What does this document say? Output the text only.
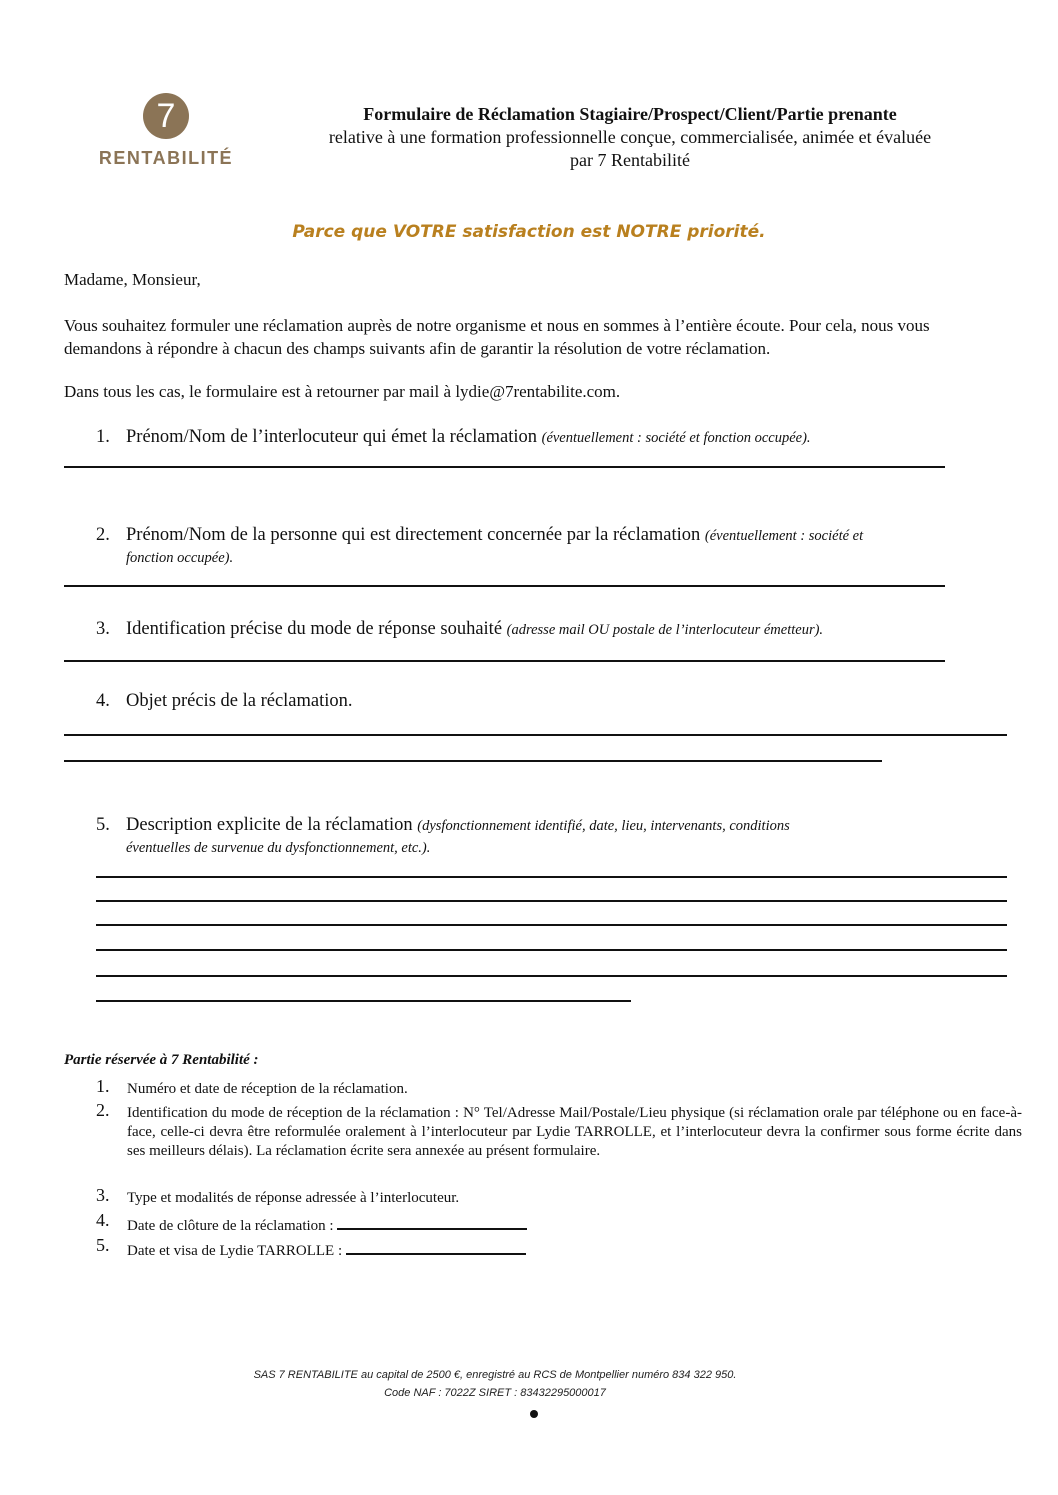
7
RENTABILITÉ
Formulaire de Réclamation Stagiaire/Prospect/Client/Partie prenante
relative à une formation professionnelle conçue, commercialisée, animée et évaluée
par 7 Rentabilité
Parce que VOTRE satisfaction est NOTRE priorité.
Madame, Monsieur,
Vous souhaitez formuler une réclamation auprès de notre organisme et nous en sommes à l’entière écoute. Pour cela, nous vous demandons à répondre à chacun des champs suivants afin de garantir la résolution de votre réclamation.
Dans tous les cas, le formulaire est à retourner par mail à lydie@7rentabilite.com.
1. Prénom/Nom de l’interlocuteur qui émet la réclamation (éventuellement : société et fonction occupée).
2. Prénom/Nom de la personne qui est directement concernée par la réclamation (éventuellement : société et
fonction occupée).
3. Identification précise du mode de réponse souhaité (adresse mail OU postale de l’interlocuteur émetteur).
4. Objet précis de la réclamation.
5. Description explicite de la réclamation (dysfonctionnement identifié, date, lieu, intervenants, conditions
éventuelles de survenue du dysfonctionnement, etc.).
Partie réservée à 7 Rentabilité :
1. Numéro et date de réception de la réclamation.
2. Identification du mode de réception de la réclamation : N° Tel/Adresse Mail/Postale/Lieu physique (si réclamation orale par téléphone ou en face-à-face, celle-ci devra être reformulée oralement à l’interlocuteur par Lydie TARROLLE, et l’interlocuteur devra la confirmer sous forme écrite dans ses meilleurs délais). La réclamation écrite sera annexée au présent formulaire.
3. Type et modalités de réponse adressée à l’interlocuteur.
4. Date de clôture de la réclamation :
5. Date et visa de Lydie TARROLLE :
SAS 7 RENTABILITE au capital de 2500 €, enregistré au RCS de Montpellier numéro 834 322 950.
Code NAF : 7022Z SIRET : 83432295000017
